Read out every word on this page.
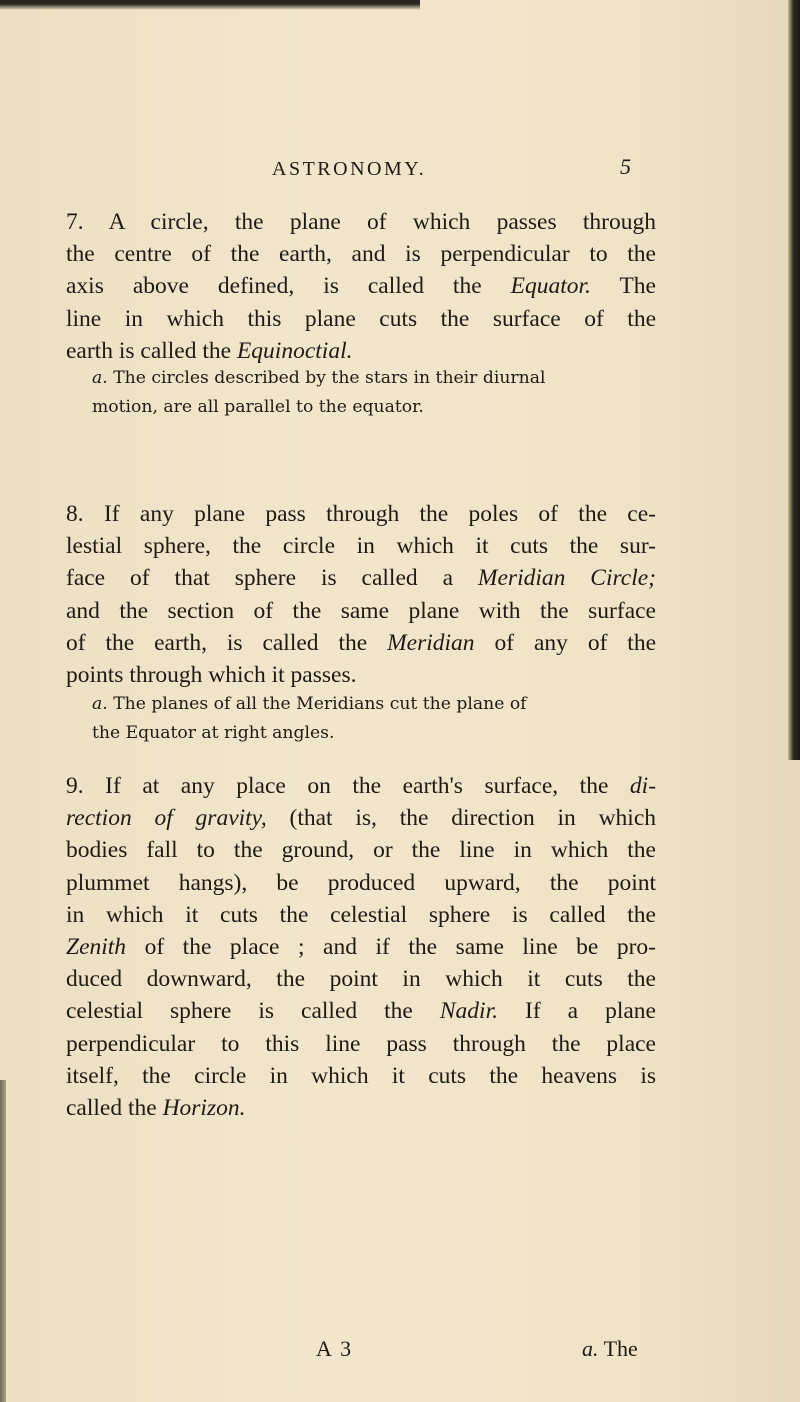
ASTRONOMY.	5
7. A circle, the plane of which passes through
the centre of the earth, and is perpendicular to the
axis above defined, is called the Equator. The
line in which this plane cuts the surface of the
earth is called the Equinoctial.
a. The circles described by the stars in their diurnal
motion, are all parallel to the equator.
8. If any plane pass through the poles of the ce-
lestial sphere, the circle in which it cuts the sur-
face of that sphere is called a Meridian Circle;
and the section of the same plane with the surface
of the earth, is called the Meridian of any of the
points through which it passes.
a. The planes of all the Meridians cut the plane of
the Equator at right angles.
9. If at any place on the earth's surface, the di-
rection of gravity, (that is, the direction in which
bodies fall to the ground, or the line in which the
plummet hangs), be produced upward, the point
in which it cuts the celestial sphere is called the
Zenith of the place ; and if the same line be pro-
duced downward, the point in which it cuts the
celestial sphere is called the Nadir. If a plane
perpendicular to this line pass through the place
itself, the circle in which it cuts the heavens is
called the Horizon.
A 3	a. The
